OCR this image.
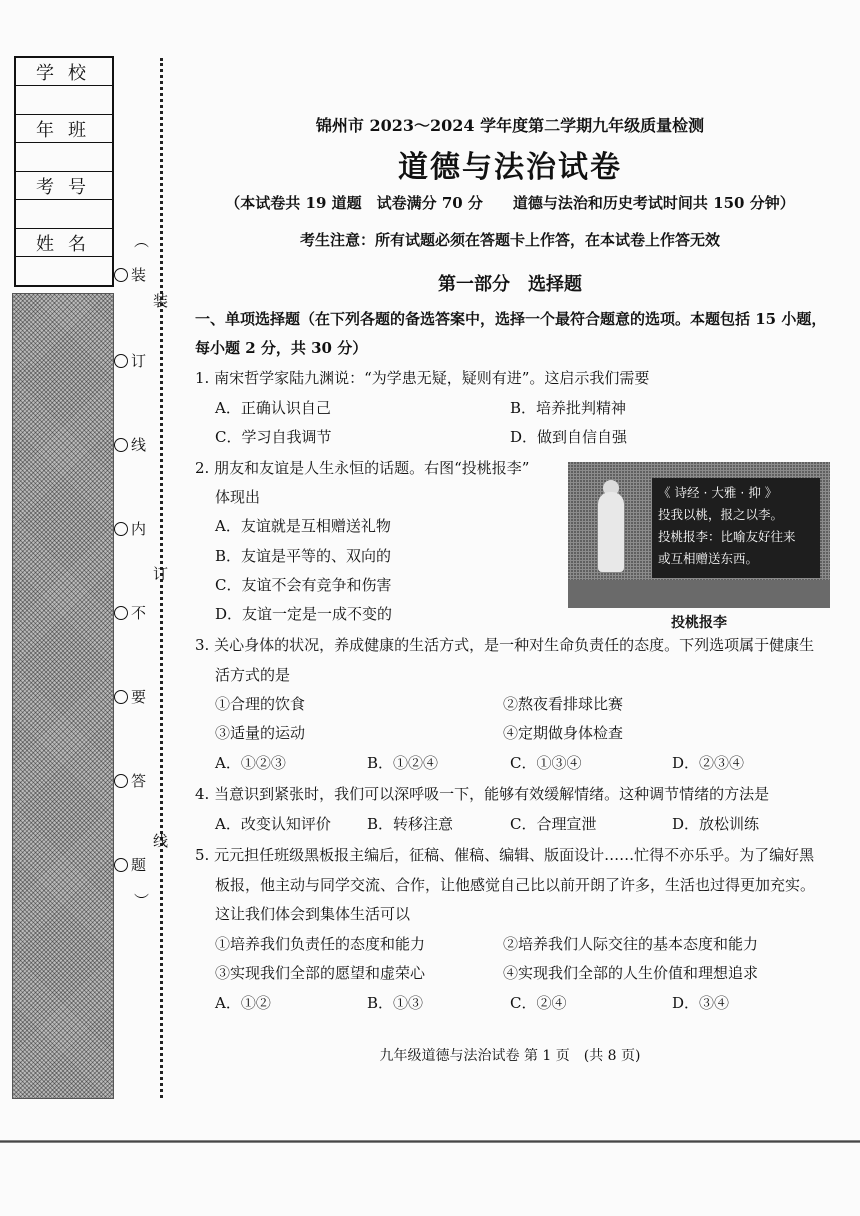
学校
年班
考号
姓名	︵
︶
装
订
线
内
不
要
答
题
装
订
线
锦州市 2023～2024 学年度第二学期九年级质量检测
道德与法治试卷
（本试卷共 19 道题　试卷满分 70 分　　道德与法治和历史考试时间共 150 分钟）
考生注意：所有试题必须在答题卡上作答，在本试卷上作答无效
第一部分　选择题
一、单项选择题（在下列各题的备选答案中，选择一个最符合题意的选项。本题包括 15 小题，
每小题 2 分，共 30 分）
1. 南宋哲学家陆九渊说：“为学患无疑，疑则有进”。这启示我们需要
A．正确认识自己	B．培养批判精神
C．学习自我调节	D．做到自信自强
2. 朋友和友谊是人生永恒的话题。右图“投桃报李”
体现出
A．友谊就是互相赠送礼物
B．友谊是平等的、双向的
C．友谊不会有竞争和伤害
D．友谊一定是一成不变的
《 诗经 · 大雅 · 抑 》
投我以桃，报之以李。
投桃报李：比喻友好往来
或互相赠送东西。
投桃报李
3. 关心身体的状况，养成健康的生活方式，是一种对生命负责任的态度。下列选项属于健康生
活方式的是
①合理的饮食	②熬夜看排球比赛
③适量的运动	④定期做身体检查
A．①②③	B．①②④	C．①③④	D．②③④
4. 当意识到紧张时，我们可以深呼吸一下，能够有效缓解情绪。这种调节情绪的方法是
A．改变认知评价 B．转移注意	C．合理宣泄	D．放松训练
5. 元元担任班级黑板报主编后，征稿、催稿、编辑、版面设计……忙得不亦乐乎。为了编好黑
板报，他主动与同学交流、合作，让他感觉自己比以前开朗了许多，生活也过得更加充实。
这让我们体会到集体生活可以
①培养我们负责任的态度和能力	②培养我们人际交往的基本态度和能力
③实现我们全部的愿望和虚荣心	④实现我们全部的人生价值和理想追求
A．①②	B．①③	C．②④	D．③④
九年级道德与法治试卷 第 1 页　(共 8 页)
